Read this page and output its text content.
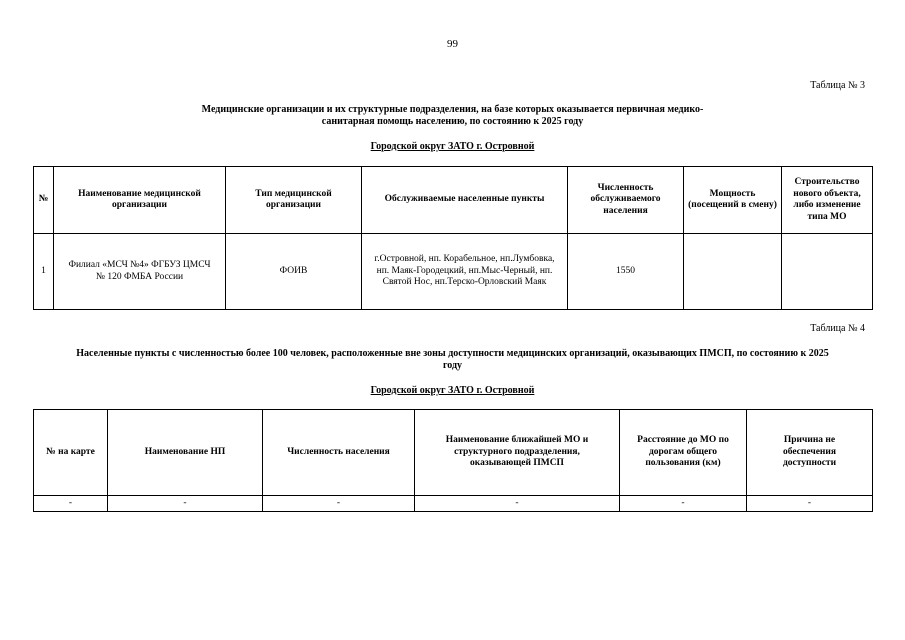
99
Таблица № 3
Медицинские организации и их структурные подразделения, на базе которых оказывается первичная медико-
санитарная помощь населению, по состоянию к 2025 году
Городской округ ЗАТО г. Островной
№	Наименование медицинской организации	Тип медицинской организации	Обслуживаемые населенные пункты	Численность обслуживаемого населения	Мощность (посещений в смену)	Строительство нового объекта, либо изменение типа МО
1	Филиал «МСЧ №4» ФГБУЗ ЦМСЧ № 120 ФМБА России	ФОИВ	г.Островной, нп. Корабельное, нп.Лумбовка, нп. Маяк-Городецкий, нп.Мыс-Черный, нп. Святой Нос, нп.Терско-Орловский Маяк	1550		
Таблица № 4
Населенные пункты с численностью более 100 человек, расположенные вне зоны доступности медицинских организаций, оказывающих ПМСП, по состоянию к 2025
году
Городской округ ЗАТО г. Островной
№ на карте	Наименование НП	Численность населения	Наименование ближайшей МО и структурного подразделения, оказывающей ПМСП	Расстояние до МО по дорогам общего пользования (км)	Причина не обеспечения доступности
-	-	-	-	-	-
